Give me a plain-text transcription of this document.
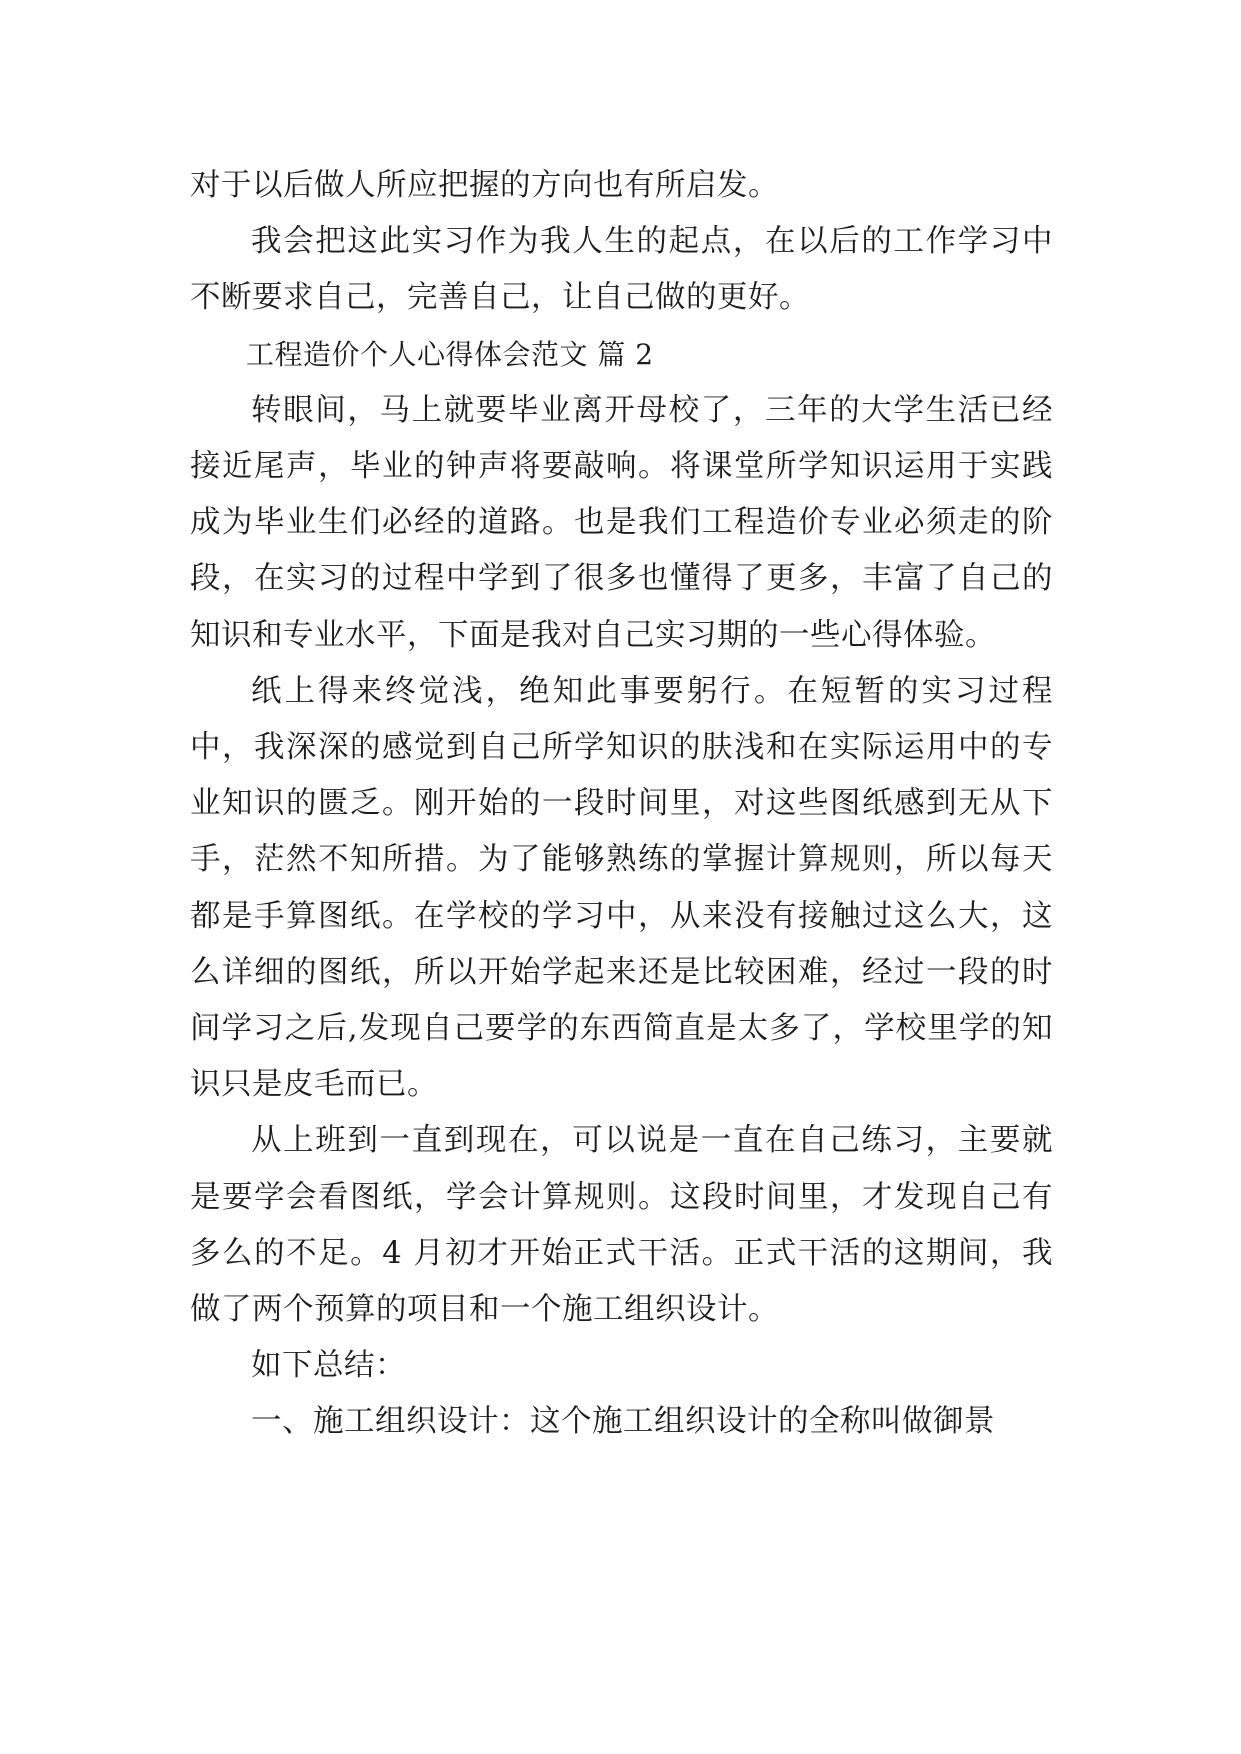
对于以后做人所应把握的方向也有所启发。

我会把这此实习作为我人生的起点，在以后的工作学习中不断要求自己，完善自己，让自己做的更好。

工程造价个人心得体会范文 篇 2

转眼间，马上就要毕业离开母校了，三年的大学生活已经接近尾声，毕业的钟声将要敲响。将课堂所学知识运用于实践成为毕业生们必经的道路。也是我们工程造价专业必须走的阶段，在实习的过程中学到了很多也懂得了更多，丰富了自己的知识和专业水平，下面是我对自己实习期的一些心得体验。

纸上得来终觉浅，绝知此事要躬行。在短暂的实习过程中，我深深的感觉到自己所学知识的肤浅和在实际运用中的专业知识的匮乏。刚开始的一段时间里，对这些图纸感到无从下手，茫然不知所措。为了能够熟练的掌握计算规则，所以每天都是手算图纸。在学校的学习中，从来没有接触过这么大，这么详细的图纸，所以开始学起来还是比较困难，经过一段的时间学习之后,发现自己要学的东西简直是太多了，学校里学的知识只是皮毛而已。

从上班到一直到现在，可以说是一直在自己练习，主要就是要学会看图纸，学会计算规则。这段时间里，才发现自己有多么的不足。4 月初才开始正式干活。正式干活的这期间，我做了两个预算的项目和一个施工组织设计。

如下总结：

一、施工组织设计：这个施工组织设计的全称叫做御景
